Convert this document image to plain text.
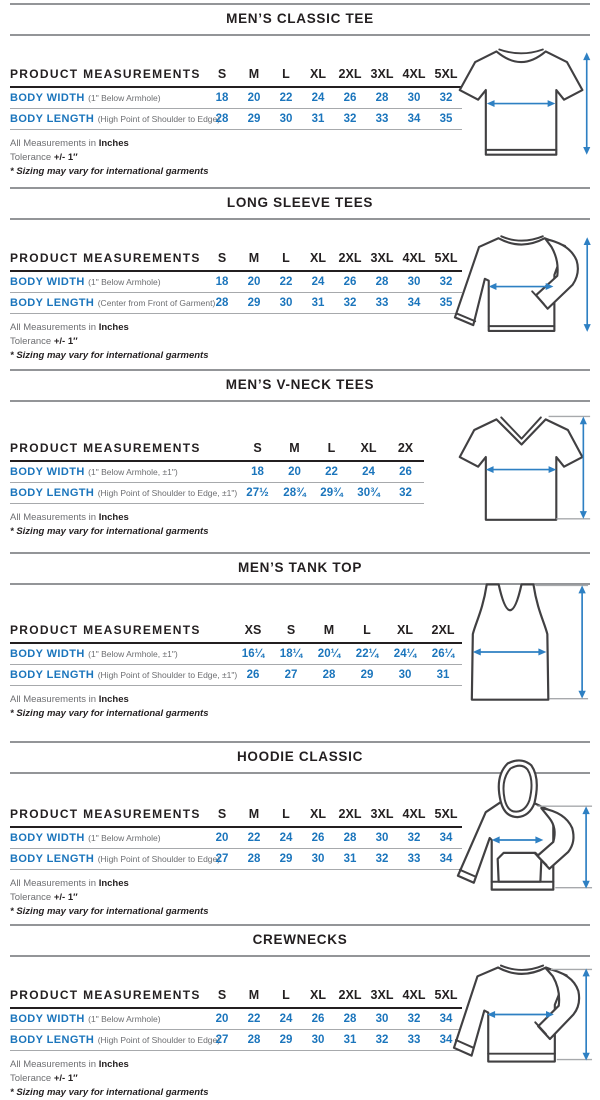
MEN’S CLASSIC TEE
PRODUCT MEASUREMENTS	S	M	L	XL	2XL	3XL	4XL	5XL
BODY WIDTH (1" Below Armhole)	18	20	22	24	26	28	30	32
BODY LENGTH (High Point of Shoulder to Edge)	28	29	30	31	32	33	34	35
All Measurements in Inches
Tolerance +/- 1″
* Sizing may vary for international garments
LONG SLEEVE TEES
PRODUCT MEASUREMENTS	S	M	L	XL	2XL	3XL	4XL	5XL
BODY WIDTH (1" Below Armhole)	18	20	22	24	26	28	30	32
BODY LENGTH (Center from Front of Garment)	28	29	30	31	32	33	34	35
All Measurements in Inches
Tolerance +/- 1″
* Sizing may vary for international garments
MEN’S V-NECK TEES
PRODUCT MEASUREMENTS	S	M	L	XL	2X
BODY WIDTH (1" Below Armhole, ±1")	18	20	22	24	26
BODY LENGTH (High Point of Shoulder to Edge, ±1")	27½	28¾	29¾	30¾	32
All Measurements in Inches
* Sizing may vary for international garments
MEN’S TANK TOP
PRODUCT MEASUREMENTS	XS	S	M	L	XL	2XL
BODY WIDTH (1" Below Armhole, ±1")	16¼	18¼	20¼	22¼	24¼	26¼
BODY LENGTH (High Point of Shoulder to Edge, ±1")	26	27	28	29	30	31
All Measurements in Inches
* Sizing may vary for international garments
HOODIE CLASSIC
PRODUCT MEASUREMENTS	S	M	L	XL	2XL	3XL	4XL	5XL
BODY WIDTH (1" Below Armhole)	20	22	24	26	28	30	32	34
BODY LENGTH (High Point of Shoulder to Edge)	27	28	29	30	31	32	33	34
All Measurements in Inches
Tolerance +/- 1″
* Sizing may vary for international garments
CREWNECKS
PRODUCT MEASUREMENTS	S	M	L	XL	2XL	3XL	4XL	5XL
BODY WIDTH (1" Below Armhole)	20	22	24	26	28	30	32	34
BODY LENGTH (High Point of Shoulder to Edge)	27	28	29	30	31	32	33	34
All Measurements in Inches
Tolerance +/- 1″
* Sizing may vary for international garments
